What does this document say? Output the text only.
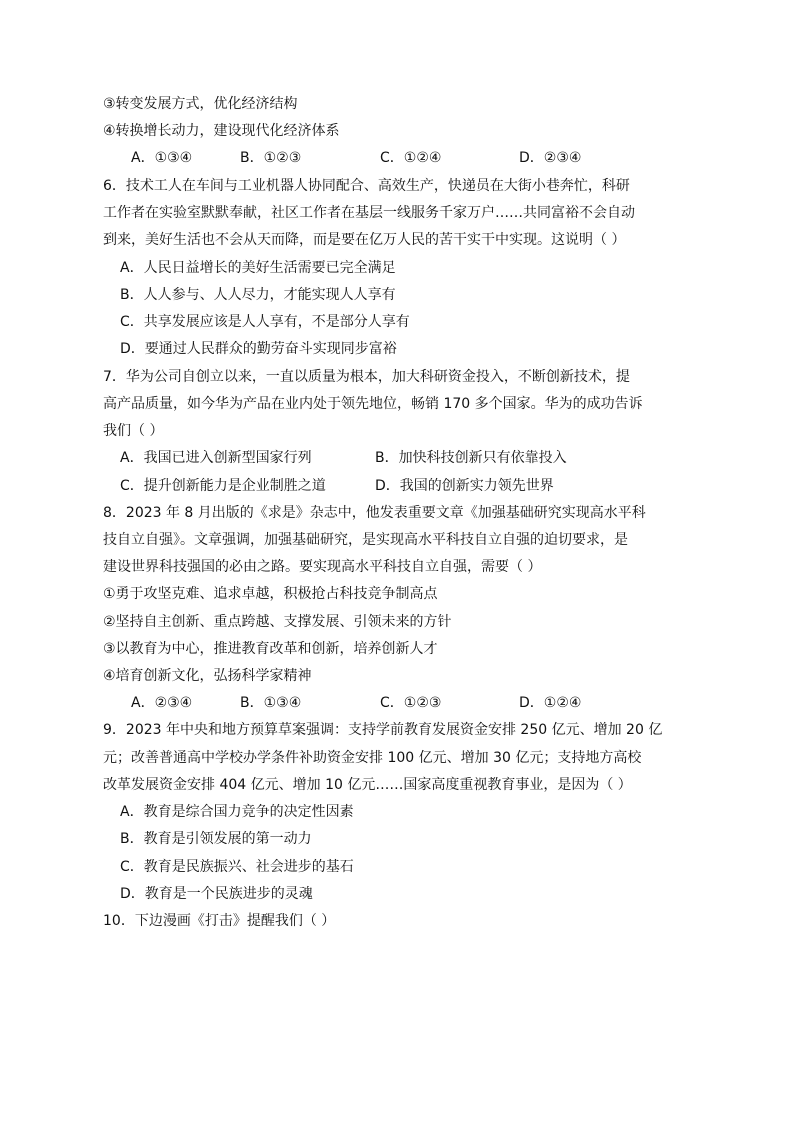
③转变发展方式，优化经济结构
④转换增长动力，建设现代化经济体系
A．①③④	B．①②③	C．①②④	D．②③④
6．技术工人在车间与工业机器人协同配合、高效生产，快递员在大街小巷奔忙，科研
工作者在实验室默默奉献，社区工作者在基层一线服务千家万户……共同富裕不会自动
到来，美好生活也不会从天而降，而是要在亿万人民的苦干实干中实现。这说明（ ）
A．人民日益增长的美好生活需要已完全满足
B．人人参与、人人尽力，才能实现人人享有
C．共享发展应该是人人享有，不是部分人享有
D．要通过人民群众的勤劳奋斗实现同步富裕
7．华为公司自创立以来，一直以质量为根本，加大科研资金投入，不断创新技术，提
高产品质量，如今华为产品在业内处于领先地位，畅销 170 多个国家。华为的成功告诉
我们（ ）
A．我国已进入创新型国家行列	B．加快科技创新只有依靠投入
C．提升创新能力是企业制胜之道	D．我国的创新实力领先世界
8．2023 年 8 月出版的《求是》杂志中，他发表重要文章《加强基础研究实现高水平科
技自立自强》。文章强调，加强基础研究，是实现高水平科技自立自强的迫切要求，是
建设世界科技强国的必由之路。要实现高水平科技自立自强，需要（ ）
①勇于攻坚克难、追求卓越，积极抢占科技竞争制高点
②坚持自主创新、重点跨越、支撑发展、引领未来的方针
③以教育为中心，推进教育改革和创新，培养创新人才
④培育创新文化，弘扬科学家精神
A．②③④	B．①③④	C．①②③	D．①②④
9．2023 年中央和地方预算草案强调：支持学前教育发展资金安排 250 亿元、增加 20 亿
元；改善普通高中学校办学条件补助资金安排 100 亿元、增加 30 亿元；支持地方高校
改革发展资金安排 404 亿元、增加 10 亿元……国家高度重视教育事业，是因为（ ）
A．教育是综合国力竞争的决定性因素
B．教育是引领发展的第一动力
C．教育是民族振兴、社会进步的基石
D．教育是一个民族进步的灵魂
10．下边漫画《打击》提醒我们（ ）
